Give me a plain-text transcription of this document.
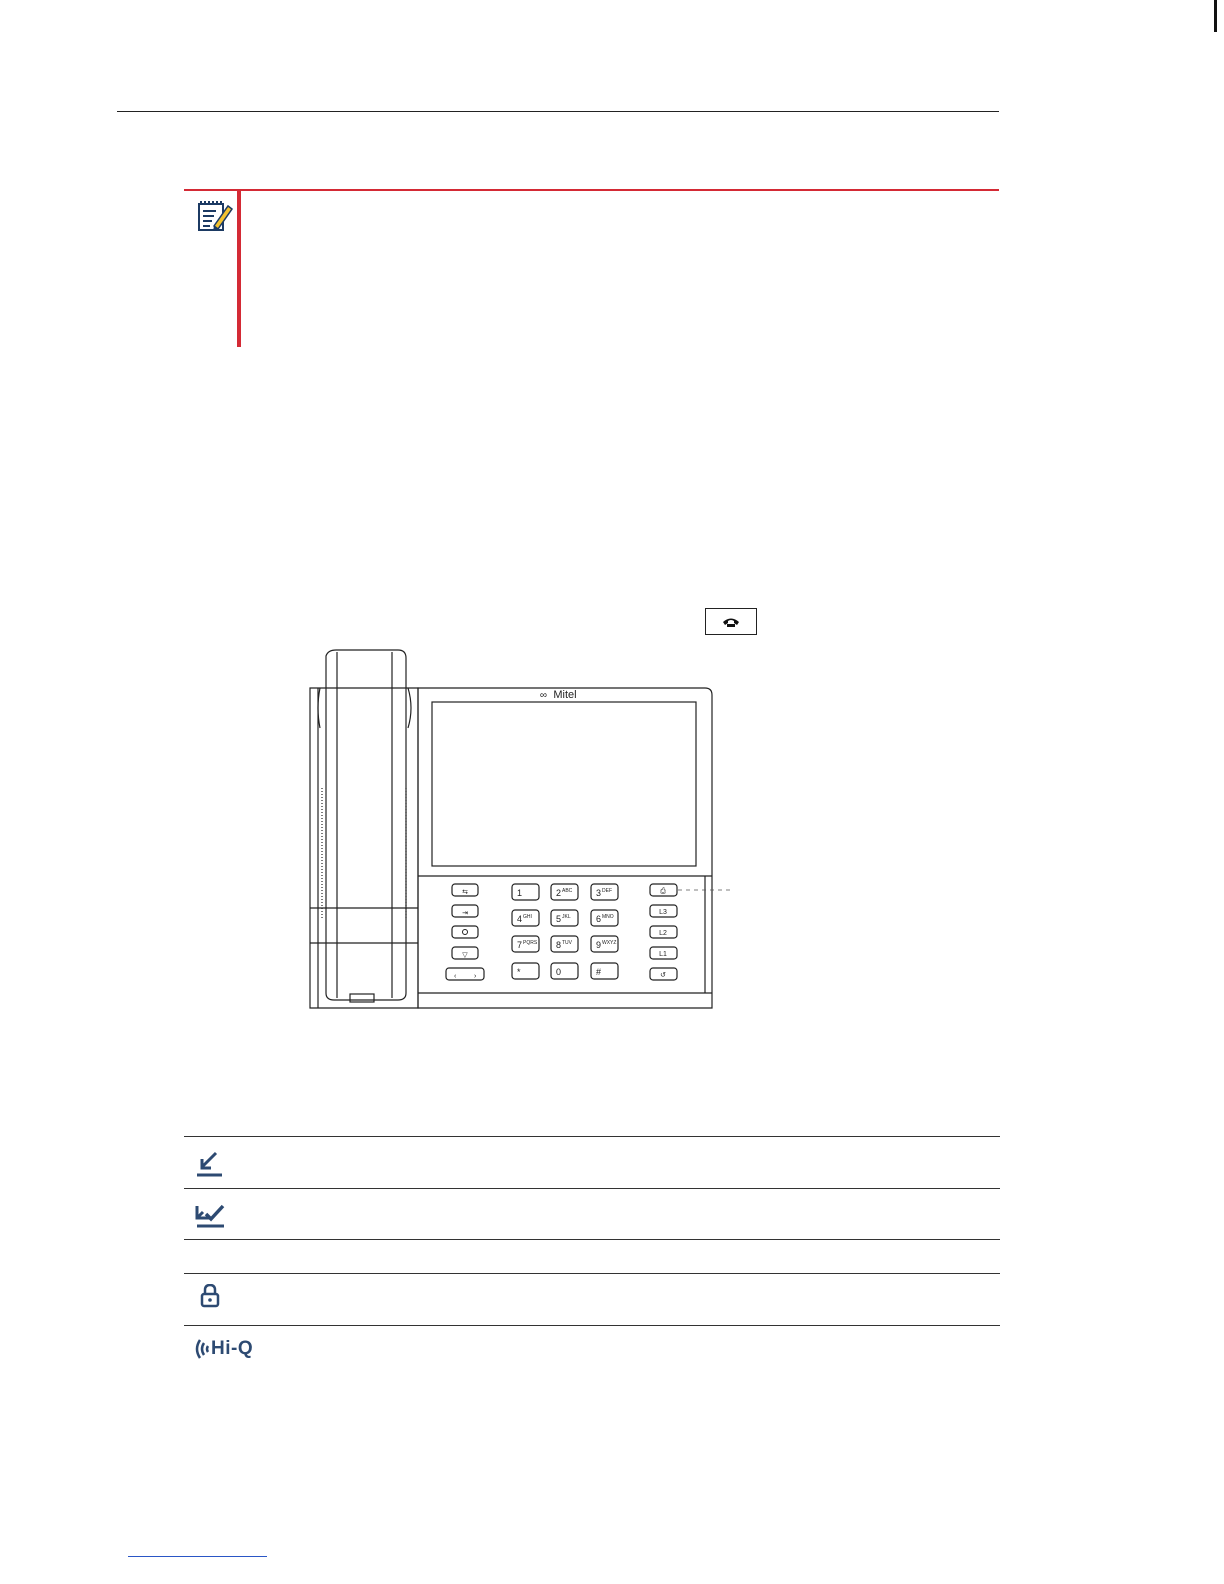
Mitel
∞
⇆
⇥
▽
‹	›
1	2 ABC	3 DEF
4 GHI	5 JKL	6 MNO
7 PQRS 8 TUV	9 WXYZ
*	0	#
⎙
L3
L2
L1
↺
Hi-Q
